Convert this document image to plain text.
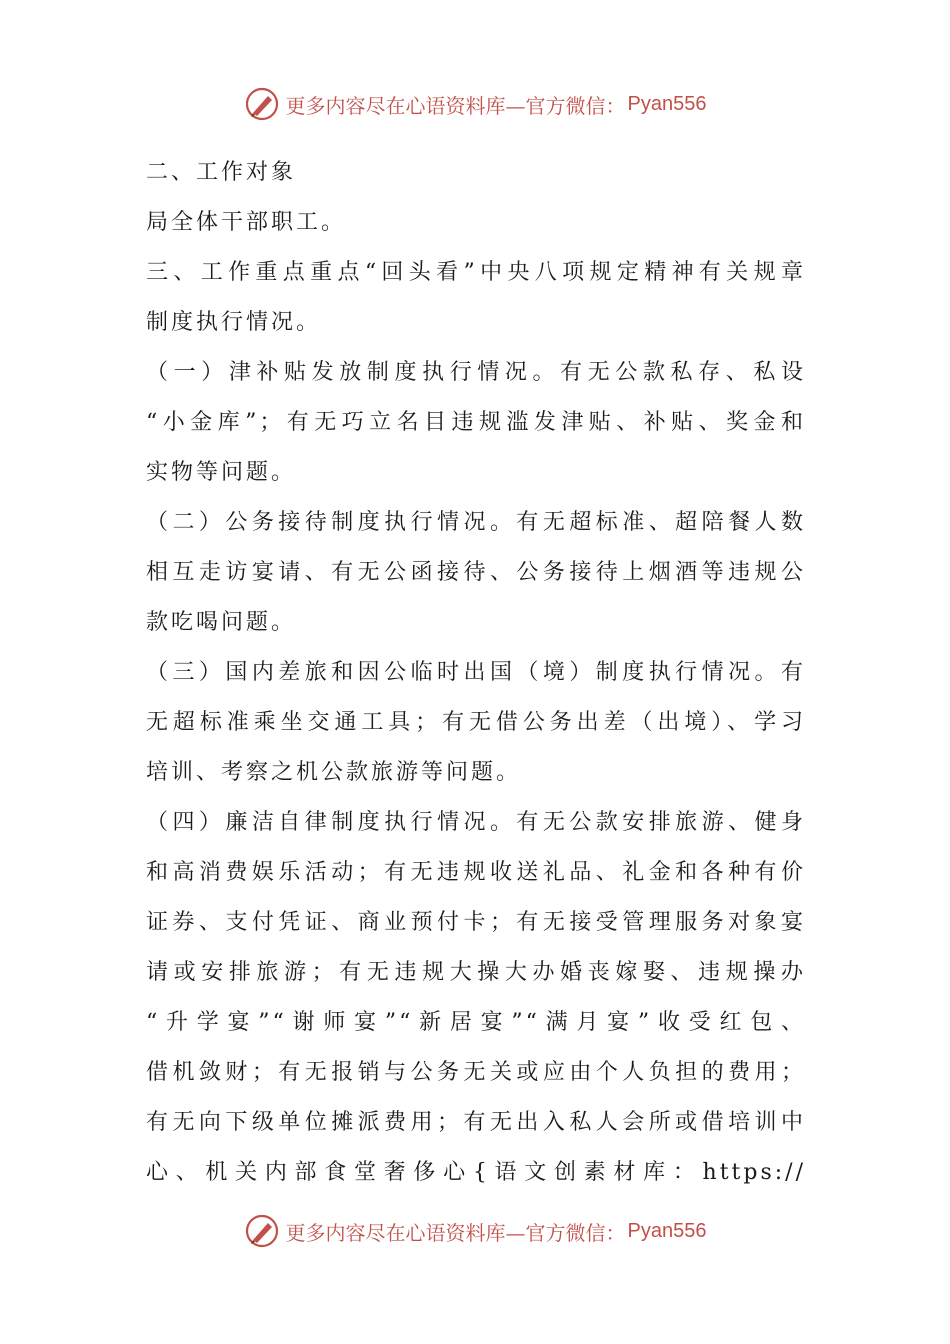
更多内容尽在心语资料库—官方微信： Pyan556
二、工作对象
局全体干部职工。
三、工作重点重点“回头看”中央八项规定精神有关规章
制度执行情况。
（一）津补贴发放制度执行情况。有无公款私存、私设
“小金库”；有无巧立名目违规滥发津贴、补贴、奖金和
实物等问题。
（二）公务接待制度执行情况。有无超标准、超陪餐人数
相互走访宴请、有无公函接待、公务接待上烟酒等违规公
款吃喝问题。
（三）国内差旅和因公临时出国（境）制度执行情况。有
无超标准乘坐交通工具；有无借公务出差（出境）、学习
培训、考察之机公款旅游等问题。
（四）廉洁自律制度执行情况。有无公款安排旅游、健身
和高消费娱乐活动；有无违规收送礼品、礼金和各种有价
证券、支付凭证、商业预付卡；有无接受管理服务对象宴
请或安排旅游；有无违规大操大办婚丧嫁娶、违规操办
“升学宴”“谢师宴”“新居宴”“满月宴”收受红包、
借机敛财；有无报销与公务无关或应由个人负担的费用；
有无向下级单位摊派费用；有无出入私人会所或借培训中
心、机关内部食堂奢侈心{语文创素材库：https://
更多内容尽在心语资料库—官方微信： Pyan556
